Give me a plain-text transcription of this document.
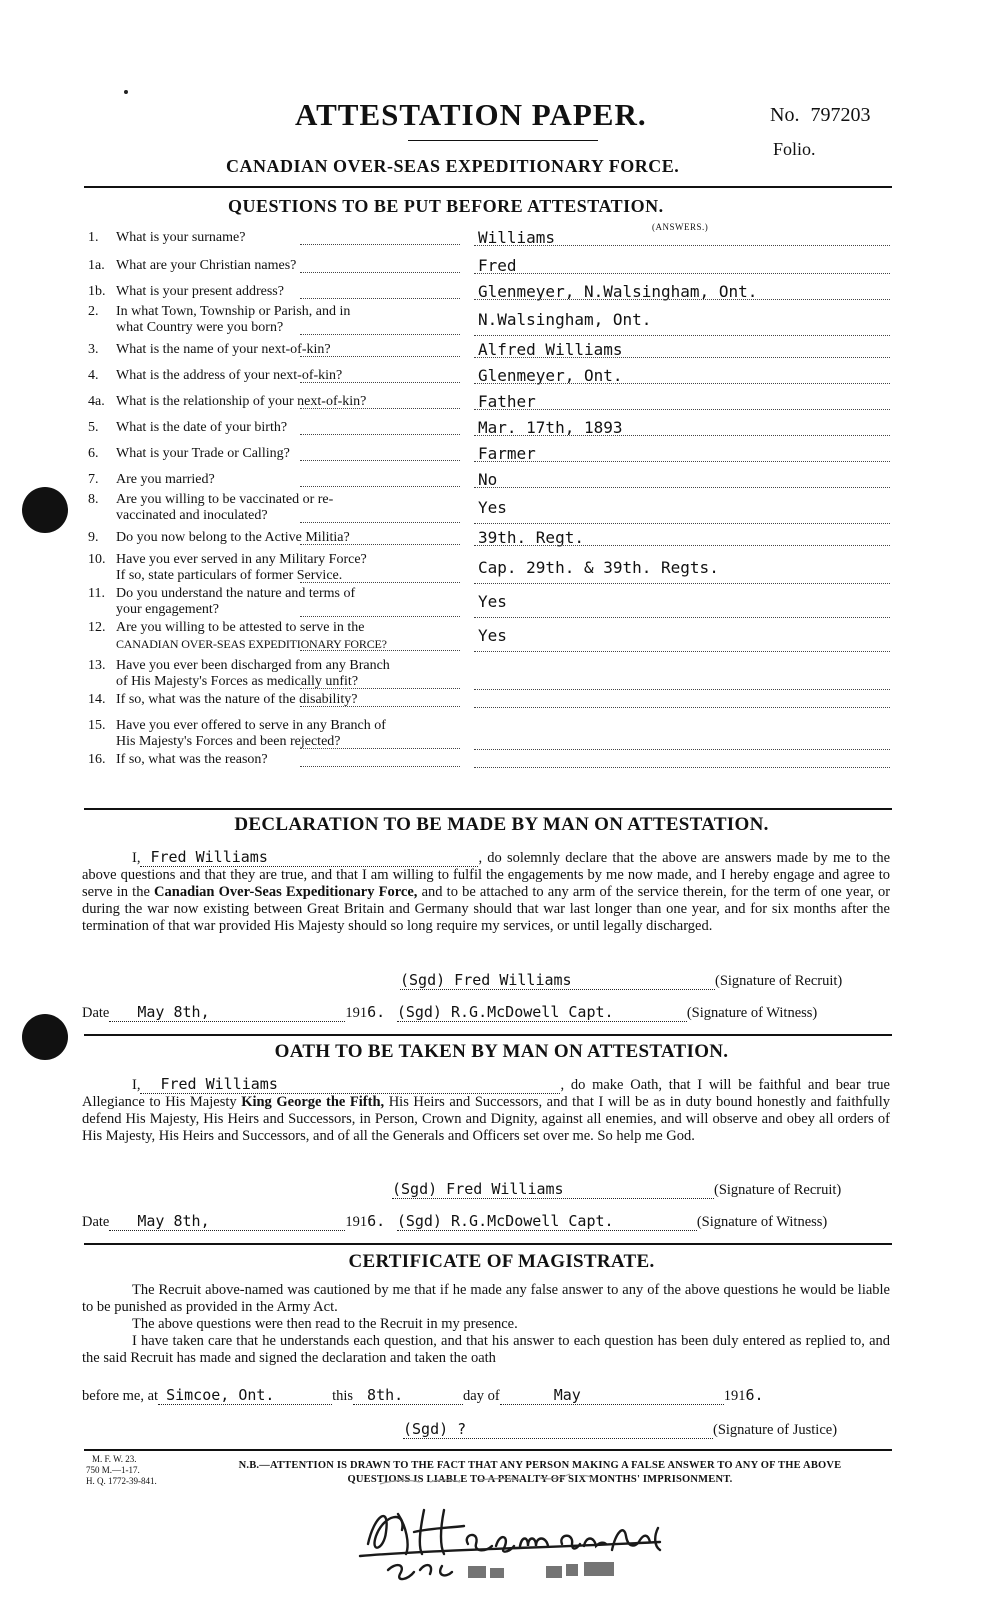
ATTESTATION PAPER.	No. 797203
Folio.
CANADIAN OVER-SEAS EXPEDITIONARY FORCE.
QUESTIONS TO BE PUT BEFORE ATTESTATION.
(ANSWERS.)
1. What is your surname?	Williams
1a. What are your Christian names?	Fred
1b. What is your present address?	Glenmeyer, N.Walsingham, Ont.
2. In what Town, Township or Parish, and in
what Country were you born?	N.Walsingham, Ont.
3. What is the name of your next-of-kin?	Alfred Williams
4. What is the address of your next-of-kin?	Glenmeyer, Ont.
4a. What is the relationship of your next-of-kin?	Father
5. What is the date of your birth?	Mar. 17th, 1893
6. What is your Trade or Calling?	Farmer
7. Are you married?	No
8. Are you willing to be vaccinated or re-
vaccinated and inoculated?	Yes
9. Do you now belong to the Active Militia?	39th. Regt.
10. Have you ever served in any Military Force?
If so, state particulars of former Service.	Cap. 29th. & 39th. Regts.
11. Do you understand the nature and terms of
your engagement?	Yes
12. Are you willing to be attested to serve in the
CANADIAN OVER-SEAS EXPEDITIONARY FORCE?	Yes
13. Have you ever been discharged from any Branch
of His Majesty's Forces as medically unfit?
14. If so, what was the nature of the disability?
15. Have you ever offered to serve in any Branch of
His Majesty's Forces and been rejected?
16. If so, what was the reason?
DECLARATION TO BE MADE BY MAN ON ATTESTATION.
I, Fred Williams	, do solemnly declare that the above are answers made by me to the above questions and that they are true, and that I am willing to fulfil the engagements by me now made, and I hereby engage and agree to serve in the Canadian Over-Seas Expeditionary Force, and to be attached to any arm of the service therein, for the term of one year, or during the war now existing between Great Britain and Germany should that war last longer than one year, and for six months after the termination of that war provided His Majesty should so long require my services, or until legally discharged.
(Sgd) Fred Williams	(Signature of Recruit)
Date May 8th,	1916. (Sgd) R.G.McDowell Capt.	(Signature of Witness)
OATH TO BE TAKEN BY MAN ON ATTESTATION.
I, Fred Williams	, do make Oath, that I will be faithful and bear true Allegiance to His Majesty King George the Fifth, His Heirs and Successors, and that I will be as in duty bound honestly and faithfully defend His Majesty, His Heirs and Successors, in Person, Crown and Dignity, against all enemies, and will observe and obey all orders of His Majesty, His Heirs and Successors, and of all the Generals and Officers set over me. So help me God.
(Sgd) Fred Williams	(Signature of Recruit)
Date May 8th,	1916. (Sgd) R.G.McDowell Capt.	(Signature of Witness)
CERTIFICATE OF MAGISTRATE.
The Recruit above-named was cautioned by me that if he made any false answer to any of the above questions he would be liable to be punished as provided in the Army Act.
The above questions were then read to the Recruit in my presence.
I have taken care that he understands each question, and that his answer to each question has been duly entered as replied to, and the said Recruit has made and signed the declaration and taken the oath
before me, at Simcoe, Ont.	this 8th.	day of	May	1916.
(Sgd) ?	(Signature of Justice)
M. F. W. 23.
750 M.—1-17.
H. Q. 1772-39-841.
N.B.—ATTENTION IS DRAWN TO THE FACT THAT ANY PERSON MAKING A FALSE ANSWER TO ANY OF THE ABOVE
QUESTIONS IS LIABLE TO A PENALTY OF SIX MONTHS' IMPRISONMENT.
